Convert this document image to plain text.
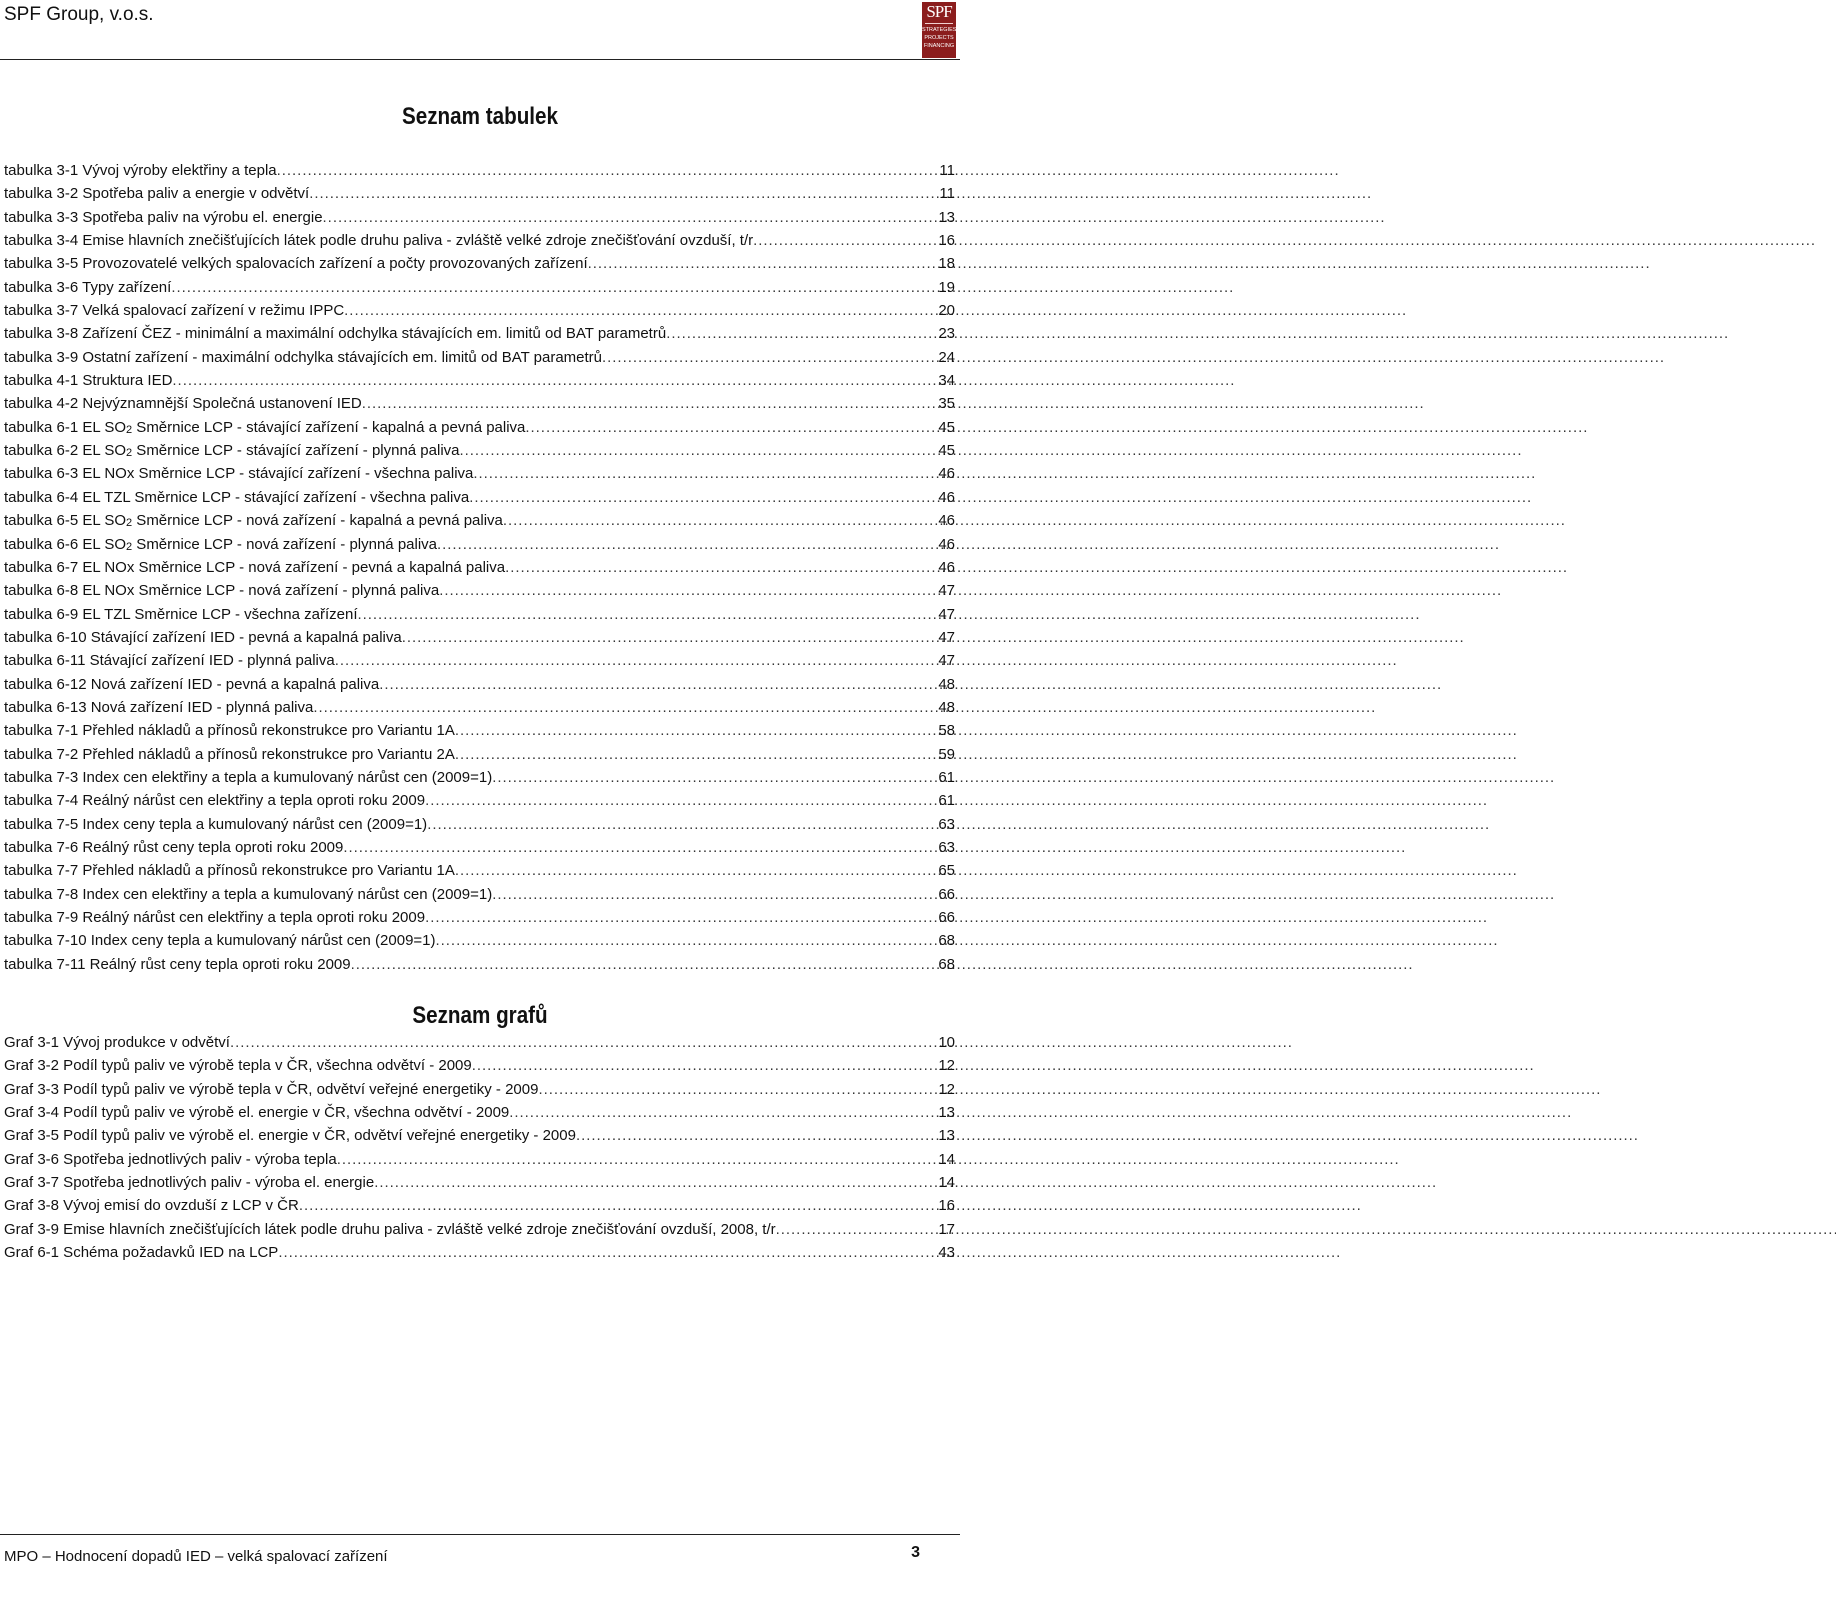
SPF Group, v.o.s.	SPF
STRATEGIES
PROJECTS
FINANCING
Seznam tabulek
tabulka 3-1 Vývoj výroby elektřiny a tepla . . .	11
tabulka 3-2 Spotřeba paliv a energie v odvětví . . .	11
tabulka 3-3 Spotřeba paliv na výrobu el. energie . . .	13
tabulka 3-4 Emise hlavních znečišťujících látek podle druhu paliva - zvláště velké zdroje znečišťování ovzduší, t/r . . .	16
tabulka 3-5 Provozovatelé velkých spalovacích zařízení a počty provozovaných zařízení . . .	18
tabulka 3-6 Typy zařízení . . .	19
tabulka 3-7 Velká spalovací zařízení v režimu IPPC . . .	20
tabulka 3-8 Zařízení ČEZ - minimální a maximální odchylka stávajících em. limitů od BAT parametrů . . .	23
tabulka 3-9 Ostatní zařízení - maximální odchylka stávajících em. limitů od BAT parametrů . . .	24
tabulka 4-1 Struktura IED . . .	34
tabulka 4-2 Nejvýznamnější Společná ustanovení IED . . .	35
tabulka 6-1 EL $SO_2$ Směrnice LCP - stávající zařízení - kapalná a pevná paliva . . .	45
tabulka 6-2 EL $SO_2$ Směrnice LCP - stávající zařízení - plynná paliva . . .	45
tabulka 6-3 EL NOx Směrnice LCP - stávající zařízení - všechna paliva . . .	46
tabulka 6-4 EL TZL Směrnice LCP - stávající zařízení - všechna paliva . . .	46
tabulka 6-5 EL $SO_2$ Směrnice LCP - nová zařízení - kapalná a pevná paliva . . .	46
tabulka 6-6 EL $SO_2$ Směrnice LCP - nová zařízení - plynná paliva . . .	46
tabulka 6-7 EL NOx Směrnice LCP - nová zařízení - pevná a kapalná paliva . . .	46
tabulka 6-8 EL NOx Směrnice LCP - nová zařízení - plynná paliva . . .	47
tabulka 6-9 EL TZL Směrnice LCP - všechna zařízení . . .	47
tabulka 6-10 Stávající zařízení IED - pevná a kapalná paliva . . .	47
tabulka 6-11 Stávající zařízení IED - plynná paliva . . .	47
tabulka 6-12 Nová zařízení IED - pevná a kapalná paliva . . .	48
tabulka 6-13 Nová zařízení IED - plynná paliva . . .	48
tabulka 7-1 Přehled nákladů a přínosů rekonstrukce pro Variantu 1A . . .	58
tabulka 7-2 Přehled nákladů a přínosů rekonstrukce pro Variantu 2A . . .	59
tabulka 7-3 Index cen elektřiny a tepla a kumulovaný nárůst cen (2009=1) . . .	61
tabulka 7-4 Reálný nárůst cen elektřiny a tepla oproti roku 2009 . . .	61
tabulka 7-5 Index ceny tepla a kumulovaný nárůst cen (2009=1) . . .	63
tabulka 7-6 Reálný růst ceny tepla oproti roku 2009 . . .	63
tabulka 7-7 Přehled nákladů a přínosů rekonstrukce pro Variantu 1A . . .	65
tabulka 7-8 Index cen elektřiny a tepla a kumulovaný nárůst cen (2009=1) . . .	66
tabulka 7-9 Reálný nárůst cen elektřiny a tepla oproti roku 2009 . . .	66
tabulka 7-10 Index ceny tepla a kumulovaný nárůst cen (2009=1) . . .	68
tabulka 7-11 Reálný růst ceny tepla oproti roku 2009 . . .	68
Seznam grafů
Graf 3-1 Vývoj produkce v odvětví . . .	10
Graf 3-2 Podíl typů paliv ve výrobě tepla v ČR, všechna odvětví - 2009 . . .	12
Graf 3-3 Podíl typů paliv ve výrobě tepla v ČR, odvětví veřejné energetiky - 2009 . . .	12
Graf 3-4 Podíl typů paliv ve výrobě el. energie v ČR, všechna odvětví - 2009 . . .	13
Graf 3-5 Podíl typů paliv ve výrobě el. energie v ČR, odvětví veřejné energetiky - 2009 . . .	13
Graf 3-6 Spotřeba jednotlivých paliv - výroba tepla . . .	14
Graf 3-7 Spotřeba jednotlivých paliv - výroba el. energie . . .	14
Graf 3-8 Vývoj emisí do ovzduší z LCP v ČR . . .	16
Graf 3-9 Emise hlavních znečišťujících látek podle druhu paliva - zvláště velké zdroje znečišťování ovzduší, 2008, t/r . . .	17
Graf 6-1 Schéma požadavků IED na LCP . . .	43
MPO – Hodnocení dopadů IED – velká spalovací zařízení	3
